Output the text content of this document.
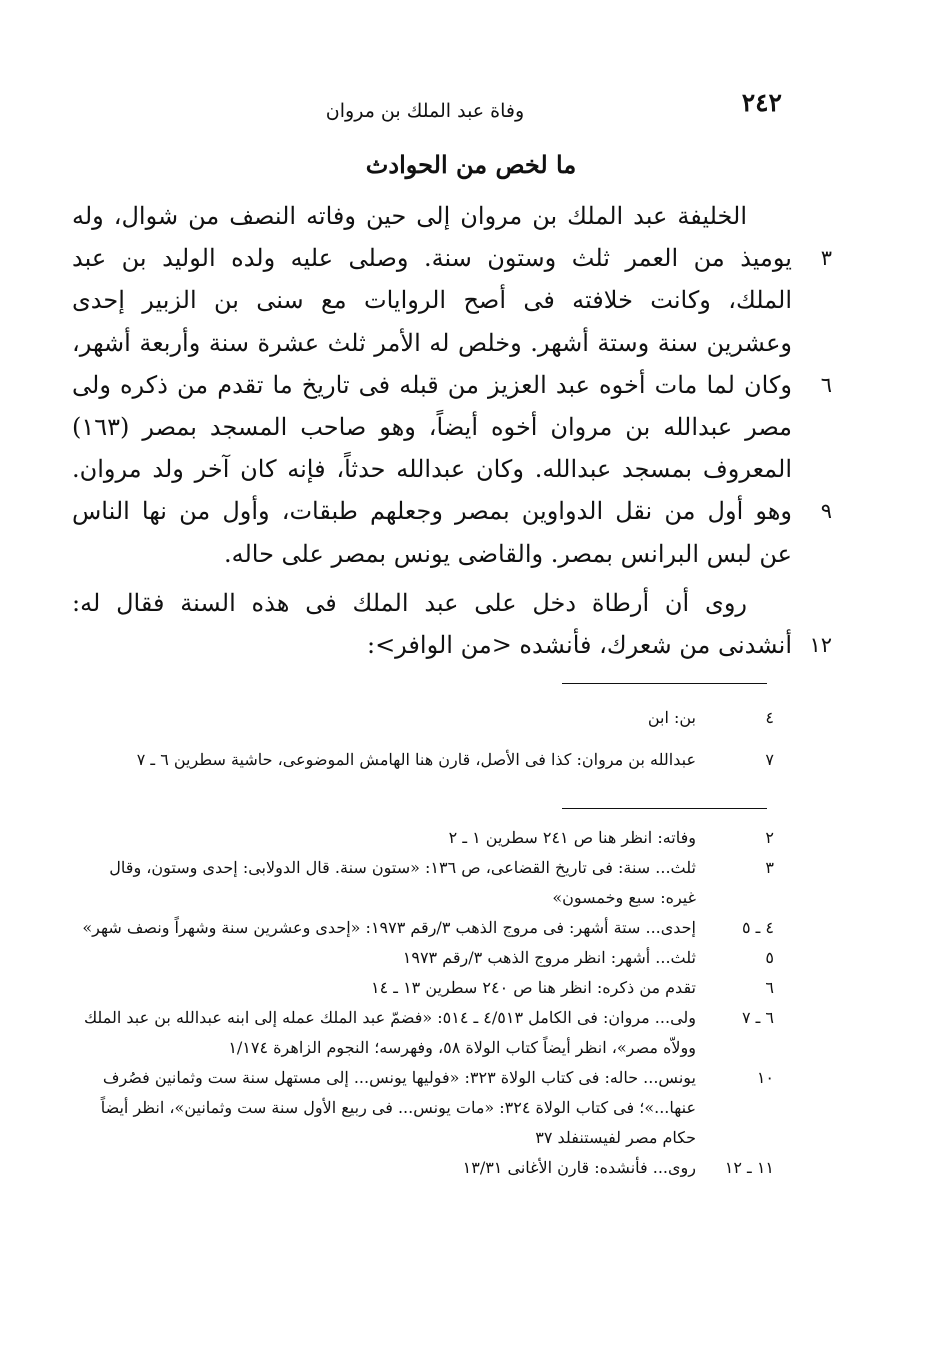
٢٤٢
وفاة عبد الملك بن مروان
ما لخص من الحوادث
الخليفة عبد الملك بن مروان إلى حين وفاته النصف من شوال، وله
٣
يوميذ من العمر ثلث وستون سنة. وصلى عليه ولده الوليد بن عبد
الملك، وكانت خلافته فى أصح الروايات مع سنى بن الزبير إحدى
وعشرين سنة وستة أشهر. وخلص له الأمر ثلث عشرة سنة وأربعة أشهر،
٦
وكان لما مات أخوه عبد العزيز من قبله فى تاريخ ما تقدم من ذكره ولى
مصر عبدالله بن مروان أخوه أيضاً، وهو صاحب المسجد بمصر (١٦٣)
المعروف بمسجد عبدالله. وكان عبدالله حدثاً، فإنه كان آخر ولد مروان.
٩
وهو أول من نقل الدواوين بمصر وجعلهم طبقات، وأول من نها الناس
عن لبس البرانس بمصر. والقاضى يونس بمصر على حاله.
روى أن أرطاة دخل على عبد الملك فى هذه السنة فقال له:
١٢
أنشدنى من شعرك، فأنشده <من الوافر>:
٤
بن: ابن
٧
عبدالله بن مروان: كذا فى الأصل، قارن هنا الهامش الموضوعى، حاشية سطرين ٦ ـ ٧
٢
وفاته: انظر هنا ص ٢٤١ سطرين ١ ـ ٢
٣
ثلث... سنة: فى تاريخ القضاعى، ص ١٣٦: «ستون سنة. قال الدولابى: إحدى وستون، وقال غيره: سبع وخمسون»
٤ ـ ٥
إحدى... ستة أشهر: فى مروج الذهب ٣/رقم ١٩٧٣: «إحدى وعشرين سنة وشهراً ونصف شهر»
٥
ثلث... أشهر: انظر مروج الذهب ٣/رقم ١٩٧٣
٦
تقدم من ذكره: انظر هنا ص ٢٤٠ سطرين ١٣ ـ ١٤
٦ ـ ٧
ولى... مروان: فى الكامل ٤/٥١٣ ـ ٥١٤: «فضمّ عبد الملك عمله إلى ابنه عبدالله بن عبد الملك وولاّه مصر»، انظر أيضاً كتاب الولاة ٥٨، وفهرسه؛ النجوم الزاهرة ١/١٧٤
١٠
يونس... حاله: فى كتاب الولاة ٣٢٣: «فوليها يونس... إلى مستهل سنة ست وثمانين فصُرف عنها...»؛ فى كتاب الولاة ٣٢٤: «مات يونس... فى ربيع الأول سنة ست وثمانين»، انظر أيضاً حكام مصر لفيستنفلد ٣٧
١١ ـ ١٢
روى... فأنشده: قارن الأغانى ١٣/٣١
